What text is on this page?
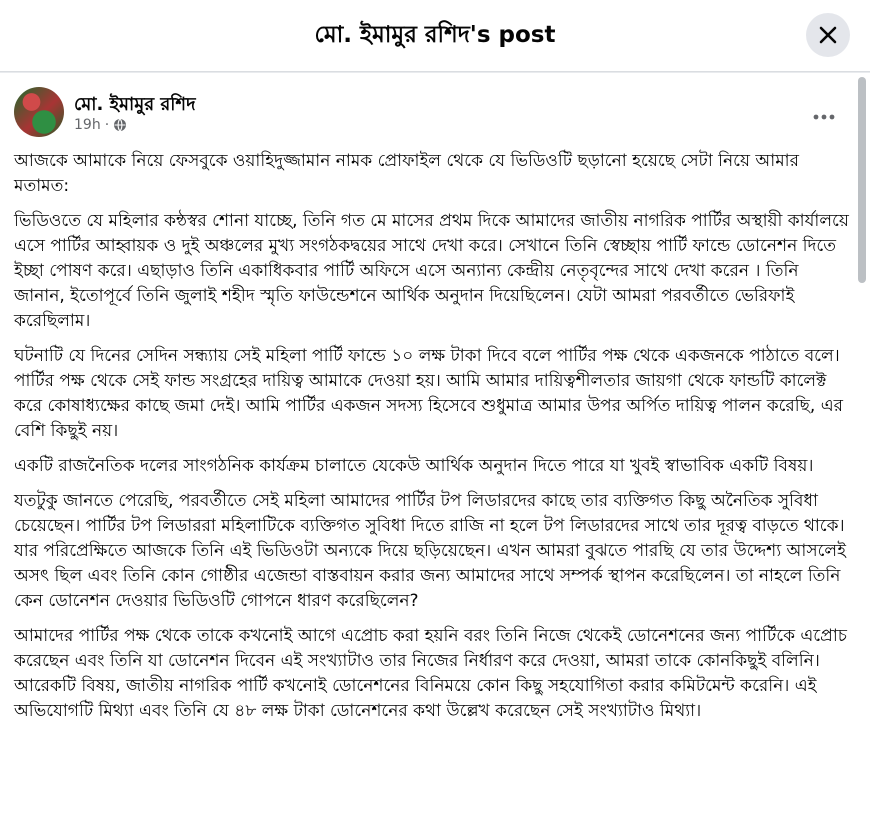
মো. ইমামুর রশিদ's post
মো. ইমামুর রশিদ
19h ·

আজকে আমাকে নিয়ে ফেসবুকে ওয়াহিদুজ্জামান নামক প্রোফাইল থেকে যে ভিডিওটি ছড়ানো হয়েছে সেটা নিয়ে আমার মতামত:

ভিডিওতে যে মহিলার কন্ঠস্বর শোনা যাচ্ছে, তিনি গত মে মাসের প্রথম দিকে আমাদের জাতীয় নাগরিক পার্টির অস্থায়ী কার্যালয়ে এসে পার্টির আহ্বায়ক ও দুই অঞ্চলের মুখ্য সংগঠকদ্বয়ের সাথে দেখা করে। সেখানে তিনি স্বেচ্ছায় পার্টি ফান্ডে ডোনেশন দিতে ইচ্ছা পোষণ করে। এছাড়াও তিনি একাধিকবার পার্টি অফিসে এসে অন্যান্য কেন্দ্রীয় নেতৃবৃন্দের সাথে দেখা করেন । তিনি জানান, ইতোপূর্বে তিনি জুলাই শহীদ স্মৃতি ফাউন্ডেশনে আর্থিক অনুদান দিয়েছিলেন। যেটা আমরা পরবর্তীতে ভেরিফাই করেছিলাম।

ঘটনাটি যে দিনের সেদিন সন্ধ্যায় সেই মহিলা পার্টি ফান্ডে ১০ লক্ষ টাকা দিবে বলে পার্টির পক্ষ থেকে একজনকে পাঠাতে বলে। পার্টির পক্ষ থেকে সেই ফান্ড সংগ্রহের দায়িত্ব আমাকে দেওয়া হয়। আমি আমার দায়িত্বশীলতার জায়গা থেকে ফান্ডটি কালেক্ট করে কোষাধ্যক্ষের কাছে জমা দেই। আমি পার্টির একজন সদস্য হিসেবে শুধুমাত্র আমার উপর অর্পিত দায়িত্ব পালন করেছি, এর বেশি কিছুই নয়।

একটি রাজনৈতিক দলের সাংগঠনিক কার্যক্রম চালাতে যেকেউ আর্থিক অনুদান দিতে পারে যা খুবই স্বাভাবিক একটি বিষয়।

যতটুকু জানতে পেরেছি, পরবর্তীতে সেই মহিলা আমাদের পার্টির টপ লিডারদের কাছে তার ব্যক্তিগত কিছু অনৈতিক সুবিধা চেয়েছেন। পার্টির টপ লিডাররা মহিলাটিকে ব্যক্তিগত সুবিধা দিতে রাজি না হলে টপ লিডারদের সাথে তার দূরত্ব বাড়তে থাকে। যার পরিপ্রেক্ষিতে আজকে তিনি এই ভিডিওটা অন্যকে দিয়ে ছড়িয়েছেন। এখন আমরা বুঝতে পারছি যে তার উদ্দেশ্য আসলেই অসৎ ছিল এবং তিনি কোন গোষ্ঠীর এজেন্ডা বাস্তবায়ন করার জন্য আমাদের সাথে সম্পর্ক স্থাপন করেছিলেন। তা নাহলে তিনি কেন ডোনেশন দেওয়ার ভিডিওটি গোপনে ধারণ করেছিলেন?

আমাদের পার্টির পক্ষ থেকে তাকে কখনোই আগে এপ্রোচ করা হয়নি বরং তিনি নিজে থেকেই ডোনেশনের জন্য পার্টিকে এপ্রোচ করেছেন এবং তিনি যা ডোনেশন দিবেন এই সংখ্যাটাও তার নিজের নির্ধারণ করে দেওয়া, আমরা তাকে কোনকিছুই বলিনি। আরেকটি বিষয়, জাতীয় নাগরিক পার্টি কখনোই ডোনেশনের বিনিময়ে কোন কিছু সহযোগিতা করার কমিটমেন্ট করেনি। এই অভিযোগটি মিথ্যা এবং তিনি যে ৪৮ লক্ষ টাকা ডোনেশনের কথা উল্লেখ করেছেন সেই সংখ্যাটাও মিথ্যা।
